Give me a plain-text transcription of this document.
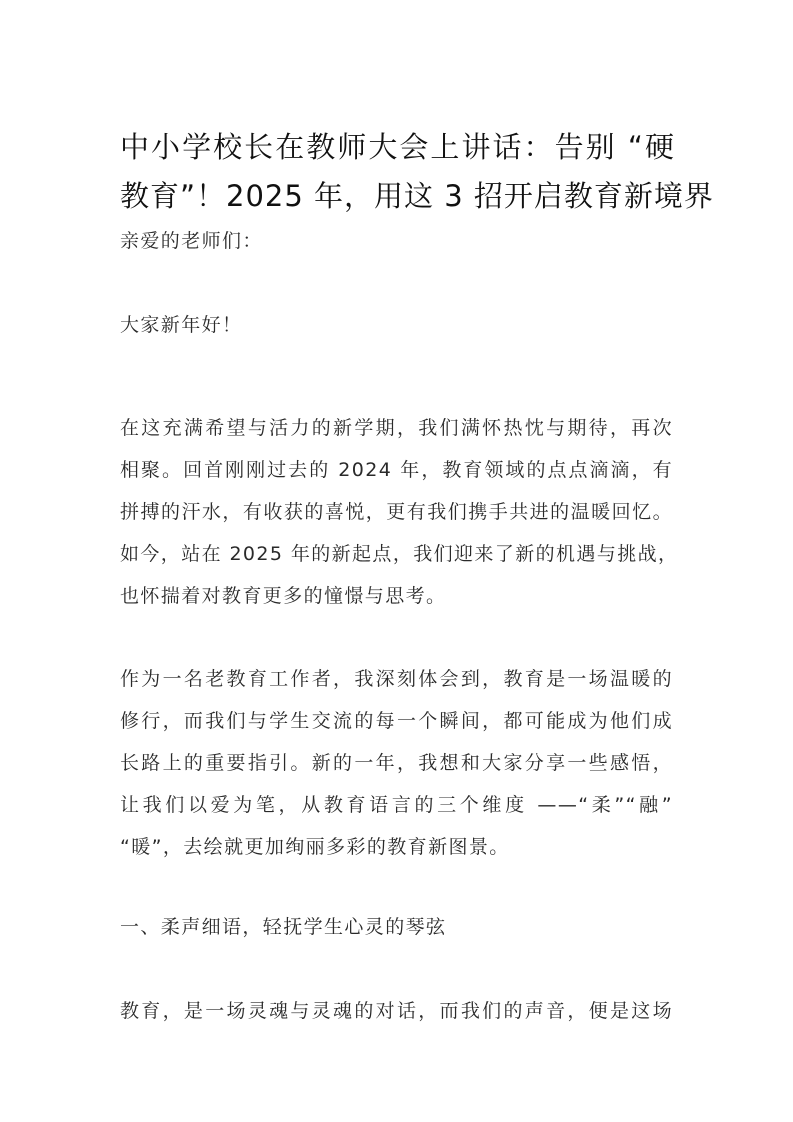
中小学校长在教师大会上讲话：告别 “硬
教育”！2025 年，用这 3 招开启教育新境界
亲爱的老师们：
大家新年好！
在这充满希望与活力的新学期，我们满怀热忱与期待，再次
相聚。回首刚刚过去的 2024 年，教育领域的点点滴滴，有
拼搏的汗水，有收获的喜悦，更有我们携手共进的温暖回忆。
如今，站在 2025 年的新起点，我们迎来了新的机遇与挑战，
也怀揣着对教育更多的憧憬与思考。
作为一名老教育工作者，我深刻体会到，教育是一场温暖的
修行，而我们与学生交流的每一个瞬间，都可能成为他们成
长路上的重要指引。新的一年，我想和大家分享一些感悟，
让我们以爱为笔，从教育语言的三个维度 ——“柔”“融”
“暖”，去绘就更加绚丽多彩的教育新图景。
一、柔声细语，轻抚学生心灵的琴弦
教育，是一场灵魂与灵魂的对话，而我们的声音，便是这场
